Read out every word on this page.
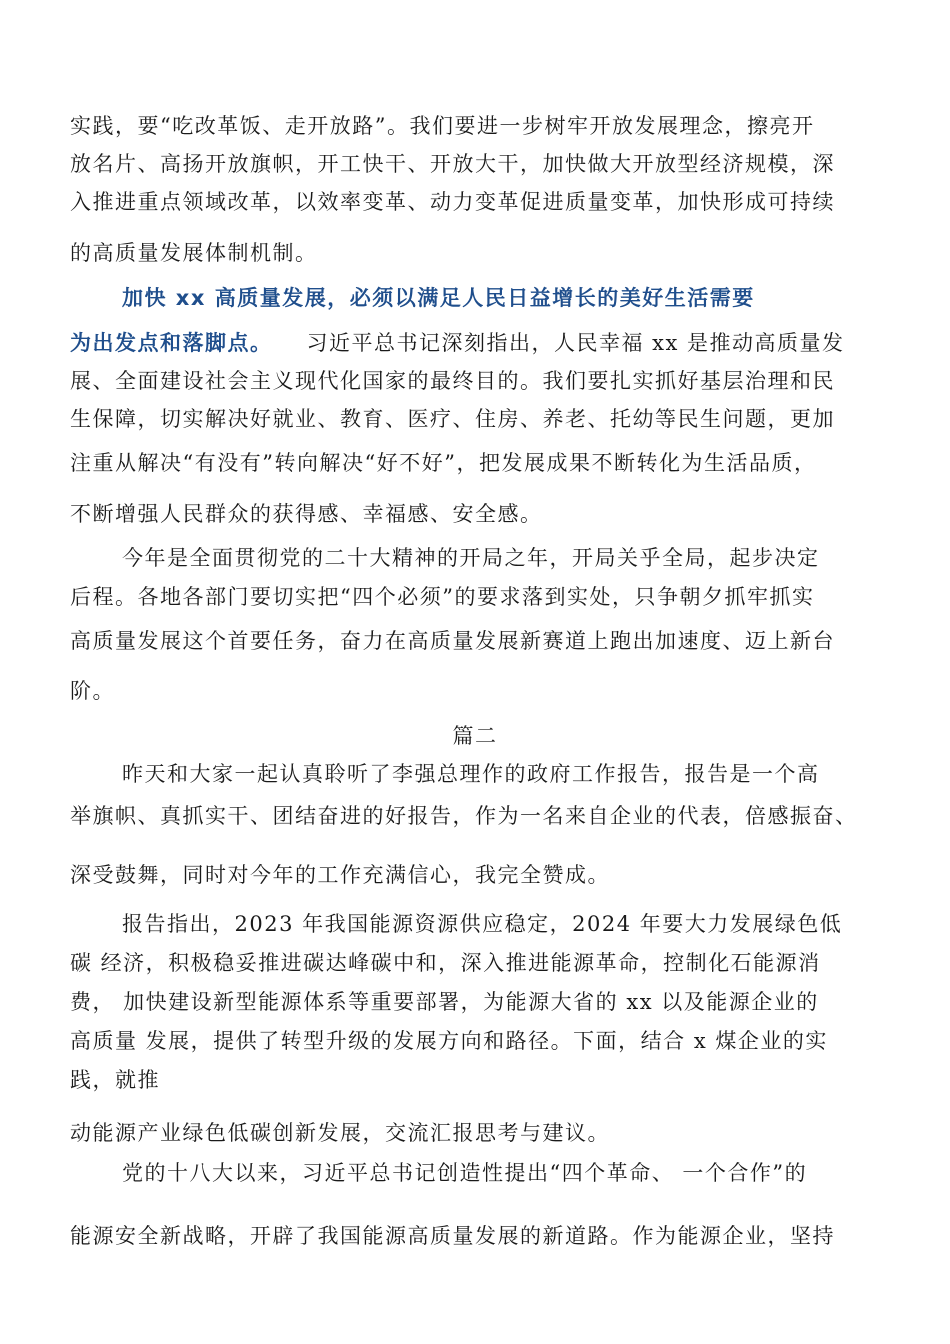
实践，要“吃改革饭、走开放路”。我们要进一步树牢开放发展理念，擦亮开
放名片、高扬开放旗帜，开工快干、开放大干，加快做大开放型经济规模，深
入推进重点领域改革，以效率变革、动力变革促进质量变革，加快形成可持续
的高质量发展体制机制。
加快 xx 高质量发展，必须以满足人民日益增长的美好生活需要
为出发点和落脚点。 习近平总书记深刻指出，人民幸福 xx 是推动高质量发
展、全面建设社会主义现代化国家的最终目的。我们要扎实抓好基层治理和民
生保障，切实解决好就业、教育、医疗、住房、养老、托幼等民生问题，更加
注重从解决“有没有”转向解决“好不好”，把发展成果不断转化为生活品质，
不断增强人民群众的获得感、幸福感、安全感。
今年是全面贯彻党的二十大精神的开局之年，开局关乎全局，起步决定
后程。各地各部门要切实把“四个必须”的要求落到实处，只争朝夕抓牢抓实
高质量发展这个首要任务，奋力在高质量发展新赛道上跑出加速度、迈上新台
阶。
篇二
昨天和大家一起认真聆听了李强总理作的政府工作报告，报告是一个高
举旗帜、真抓实干、团结奋进的好报告，作为一名来自企业的代表，倍感振奋、
深受鼓舞，同时对今年的工作充满信心，我完全赞成。
报告指出，2023 年我国能源资源供应稳定，2024 年要大力发展绿色低
碳 经济，积极稳妥推进碳达峰碳中和，深入推进能源革命，控制化石能源消
费， 加快建设新型能源体系等重要部署，为能源大省的 xx 以及能源企业的
高质量 发展，提供了转型升级的发展方向和路径。下面，结合 x 煤企业的实
践，就推
动能源产业绿色低碳创新发展，交流汇报思考与建议。
党的十八大以来，习近平总书记创造性提出“四个革命、 一个合作”的
能源安全新战略，开辟了我国能源高质量发展的新道路。作为能源企业，坚持
